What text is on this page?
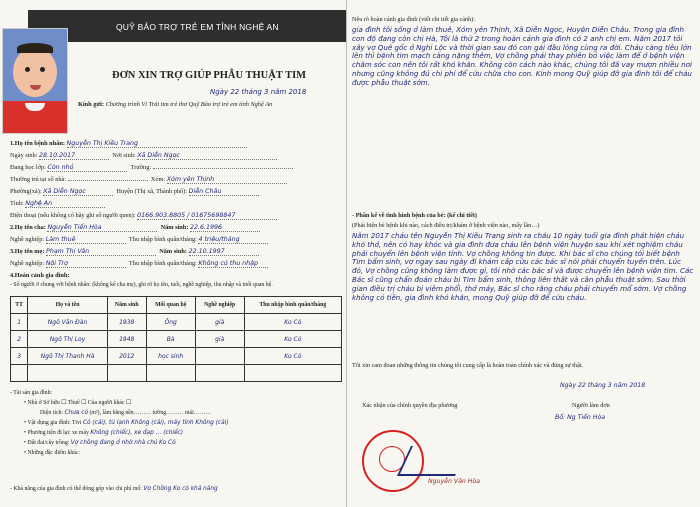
QUỸ BẢO TRỢ TRẺ EM TỈNH NGHỆ AN
ĐƠN XIN TRỢ GIÚP PHẪU THUẬT TIM
Ngày 22 tháng 3 năm 2018
Kính gửi: Chương trình Vì Trái tim trẻ thơ Quỹ Bảo trợ trẻ em tỉnh Nghệ An
1.Họ tên bệnh nhân: Nguyễn Thị Kiều Trang
Ngày sinh: 28.10.2017	Nơi sinh: Xã Diễn Ngọc
Đang học lớp: Còn nhỏ	Trường:
Thường trú tại số nhà:	Xóm: Xóm yên Thịnh
Phường(xã): Xã Diễn Ngọc	Huyện (Thị xã, Thành phố): Diễn Châu
Tỉnh: Nghệ An
Điện thoại (nếu không có hãy ghi số người quen): 0166.903.8805 / 01675698847
2.Họ tên cha: Nguyễn Tiến Hòa	Năm sinh: 22.6.1996
Nghề nghiệp: Làm thuê	Thu nhập bình quân/tháng: 4 triệu/tháng
3.Họ tên mẹ: Phạm Thị Vân	Năm sinh: 22.10.1997
Nghề nghiệp: Nội Trợ	Thu nhập bình quân/tháng: Không có thu nhập
4.Hoàn cảnh gia đình:
- Số người ở chung với bệnh nhân: (không kể cha mẹ), ghi rõ họ tên, tuổi, nghề nghiệp, thu nhập và mối quan hệ.
TT	Họ và tên	Năm sinh	Mối quan hệ	Nghề nghiệp	Thu nhập bình quân/tháng
1	Ngô Văn Đàn	1938	Ông	già	Ko Có
2	Ngô Thị Loy	1948	Bà	già	Ko Có
3	Ngô Thị Thanh Hà	2012	học sinh		Ko Có

- Tài sản gia đình:
• Nhà ở Sở hữu ☐ Thuê ☐ Của người khác ☐
Diện tích: Chưa có (m²), làm bằng nền……… tường……… mái………
• Vật dụng gia đình: Tivi Có (cái), tủ lạnh Không (cái), máy tính Không (cái)
• Phương tiện đi lại: xe máy Không (chiếc), xe đạp … (chiếc)
• Đất đai/cây trồng: Vợ chồng đang ở nhờ nhà chú Ko Có
• Những đặc điểm khác:
- Khả năng của gia đình có thể đóng góp vào chi phí mổ: Vợ Chồng Ko có khả năng
Nêu rõ hoàn cảnh gia đình (viết chi tiết gia cảnh):
gia đình tôi sống ở làm thuê, Xóm yên Thịnh, Xã Diễn Ngọc, Huyện Diễn Châu. Trong gia đình con độ đang còn chị Hà, Tôi là thứ 2 trong hoàn cảnh gia đình có 2 anh chị em. Năm 2017 tôi xây vợ Quê gốc ở Nghi Lộc và thời gian sau đó con gái đầu lòng cùng ra đời. Cháu càng tiêu lớn lên thì bệnh tim mạch càng nặng thêm, Vợ chồng phải thay phiên bỏ việc làm để ở bệnh viện chăm sóc con nên tôi rất khó khăn. Không còn cách nào khác, chúng tôi đã vay mượn nhiều nơi nhưng cũng không đủ chi phí để cứu chữa cho con. Kính mong Quỹ giúp đỡ gia đình tôi để cháu được phẫu thuật sớm.
- Phần kể về tình hình bệnh của bé: (kể chi tiết)
(Phát hiện bé bệnh khi nào, cách điều trị/khám ở bệnh viện nào, mấy lần…)
Năm 2017 cháu tên Nguyễn Thị Kiều Trang sinh ra cháu 10 ngày tuổi gia đình phát hiện cháu khó thở, nên có hay khóc và gia đình đưa cháu lên bệnh viện huyện sau khi xét nghiệm cháu phải chuyển lên bệnh viện tỉnh. Vợ chồng không tin được. Khi bác sĩ cho chúng tôi biết bệnh Tim bẩm sinh, vợ ngay sau ngày đi khám cấp cứu các bác sĩ nói phải chuyển tuyến trên. Lúc đó, Vợ chồng cũng không làm được gì, tôi nhờ các bác sĩ và được chuyển lên bệnh viện tim. Các Bác sĩ cũng chẩn đoán cháu bị Tim bẩm sinh, thông liên thất và cần phẫu thuật sớm. Sau thời gian điều trị cháu bị viêm phổi, thở máy, Bác sĩ cho rằng cháu phải chuyển mổ sớm. Vợ chồng không có tiền, gia đình khó khăn, mong Quỹ giúp đỡ để cứu cháu.
Tôi xin cam đoan những thông tin chúng tôi cung cấp là hoàn toàn chính xác và đúng sự thật.
Ngày 22 tháng 3 năm 2018
Xác nhận của chính quyền địa phương	Người làm đơn
Bố: Ng Tiến Hòa
Nguyễn Văn Hòa
